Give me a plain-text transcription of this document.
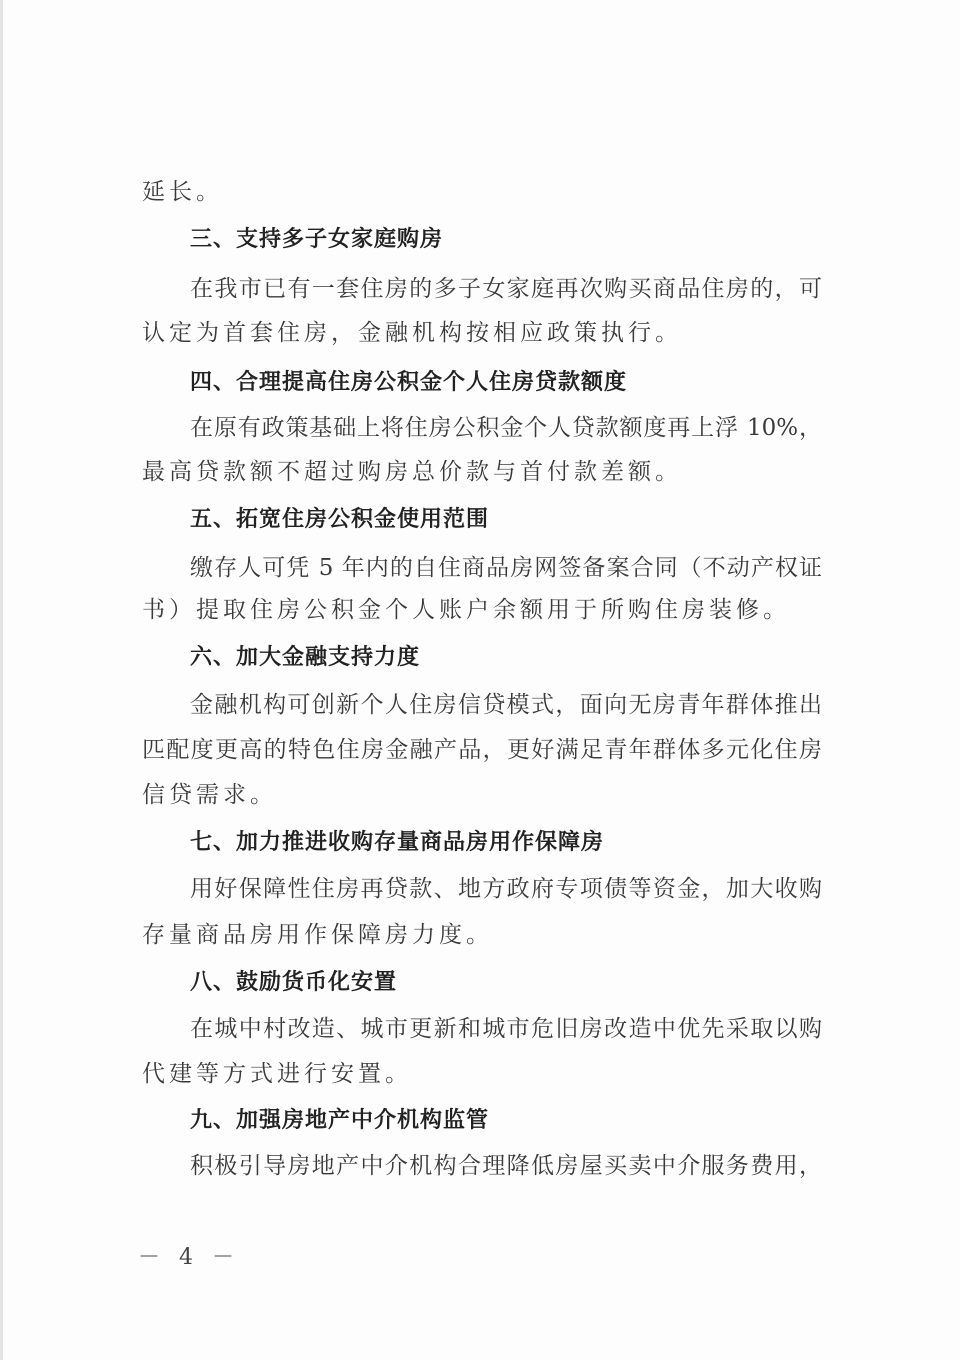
延长。
三、支持多子女家庭购房
在我市已有一套住房的多子女家庭再次购买商品住房的，可
认定为首套住房，金融机构按相应政策执行。
四、合理提高住房公积金个人住房贷款额度
在原有政策基础上将住房公积金个人贷款额度再上浮 10%，
最高贷款额不超过购房总价款与首付款差额。
五、拓宽住房公积金使用范围
缴存人可凭 5 年内的自住商品房网签备案合同（不动产权证
书）提取住房公积金个人账户余额用于所购住房装修。
六、加大金融支持力度
金融机构可创新个人住房信贷模式，面向无房青年群体推出
匹配度更高的特色住房金融产品，更好满足青年群体多元化住房
信贷需求。
七、加力推进收购存量商品房用作保障房
用好保障性住房再贷款、地方政府专项债等资金，加大收购
存量商品房用作保障房力度。
八、鼓励货币化安置
在城中村改造、城市更新和城市危旧房改造中优先采取以购
代建等方式进行安置。
九、加强房地产中介机构监管
积极引导房地产中介机构合理降低房屋买卖中介服务费用，
－ 4 －
